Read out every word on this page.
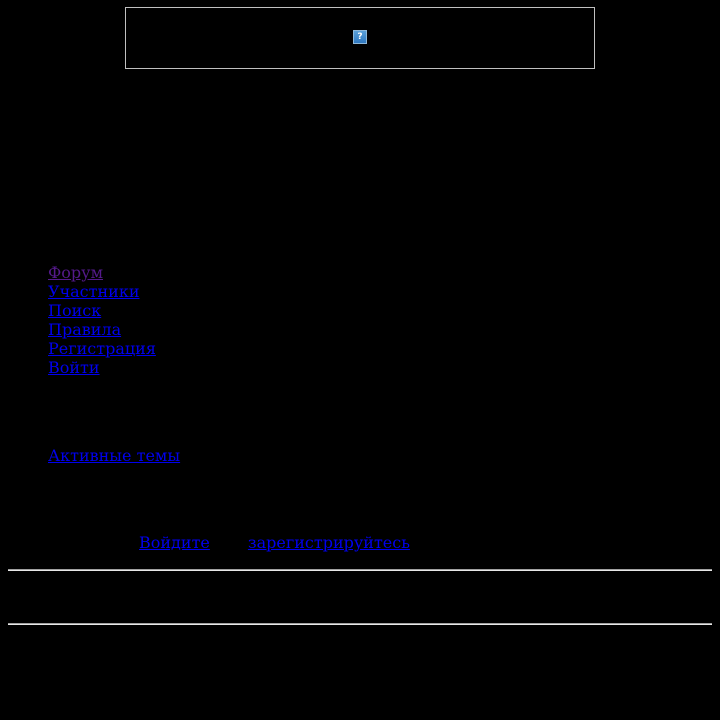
?
Форум
Участники
Поиск
Правила
Регистрация
Войти
Активные темы
Войдите зарегистрируйтесь
